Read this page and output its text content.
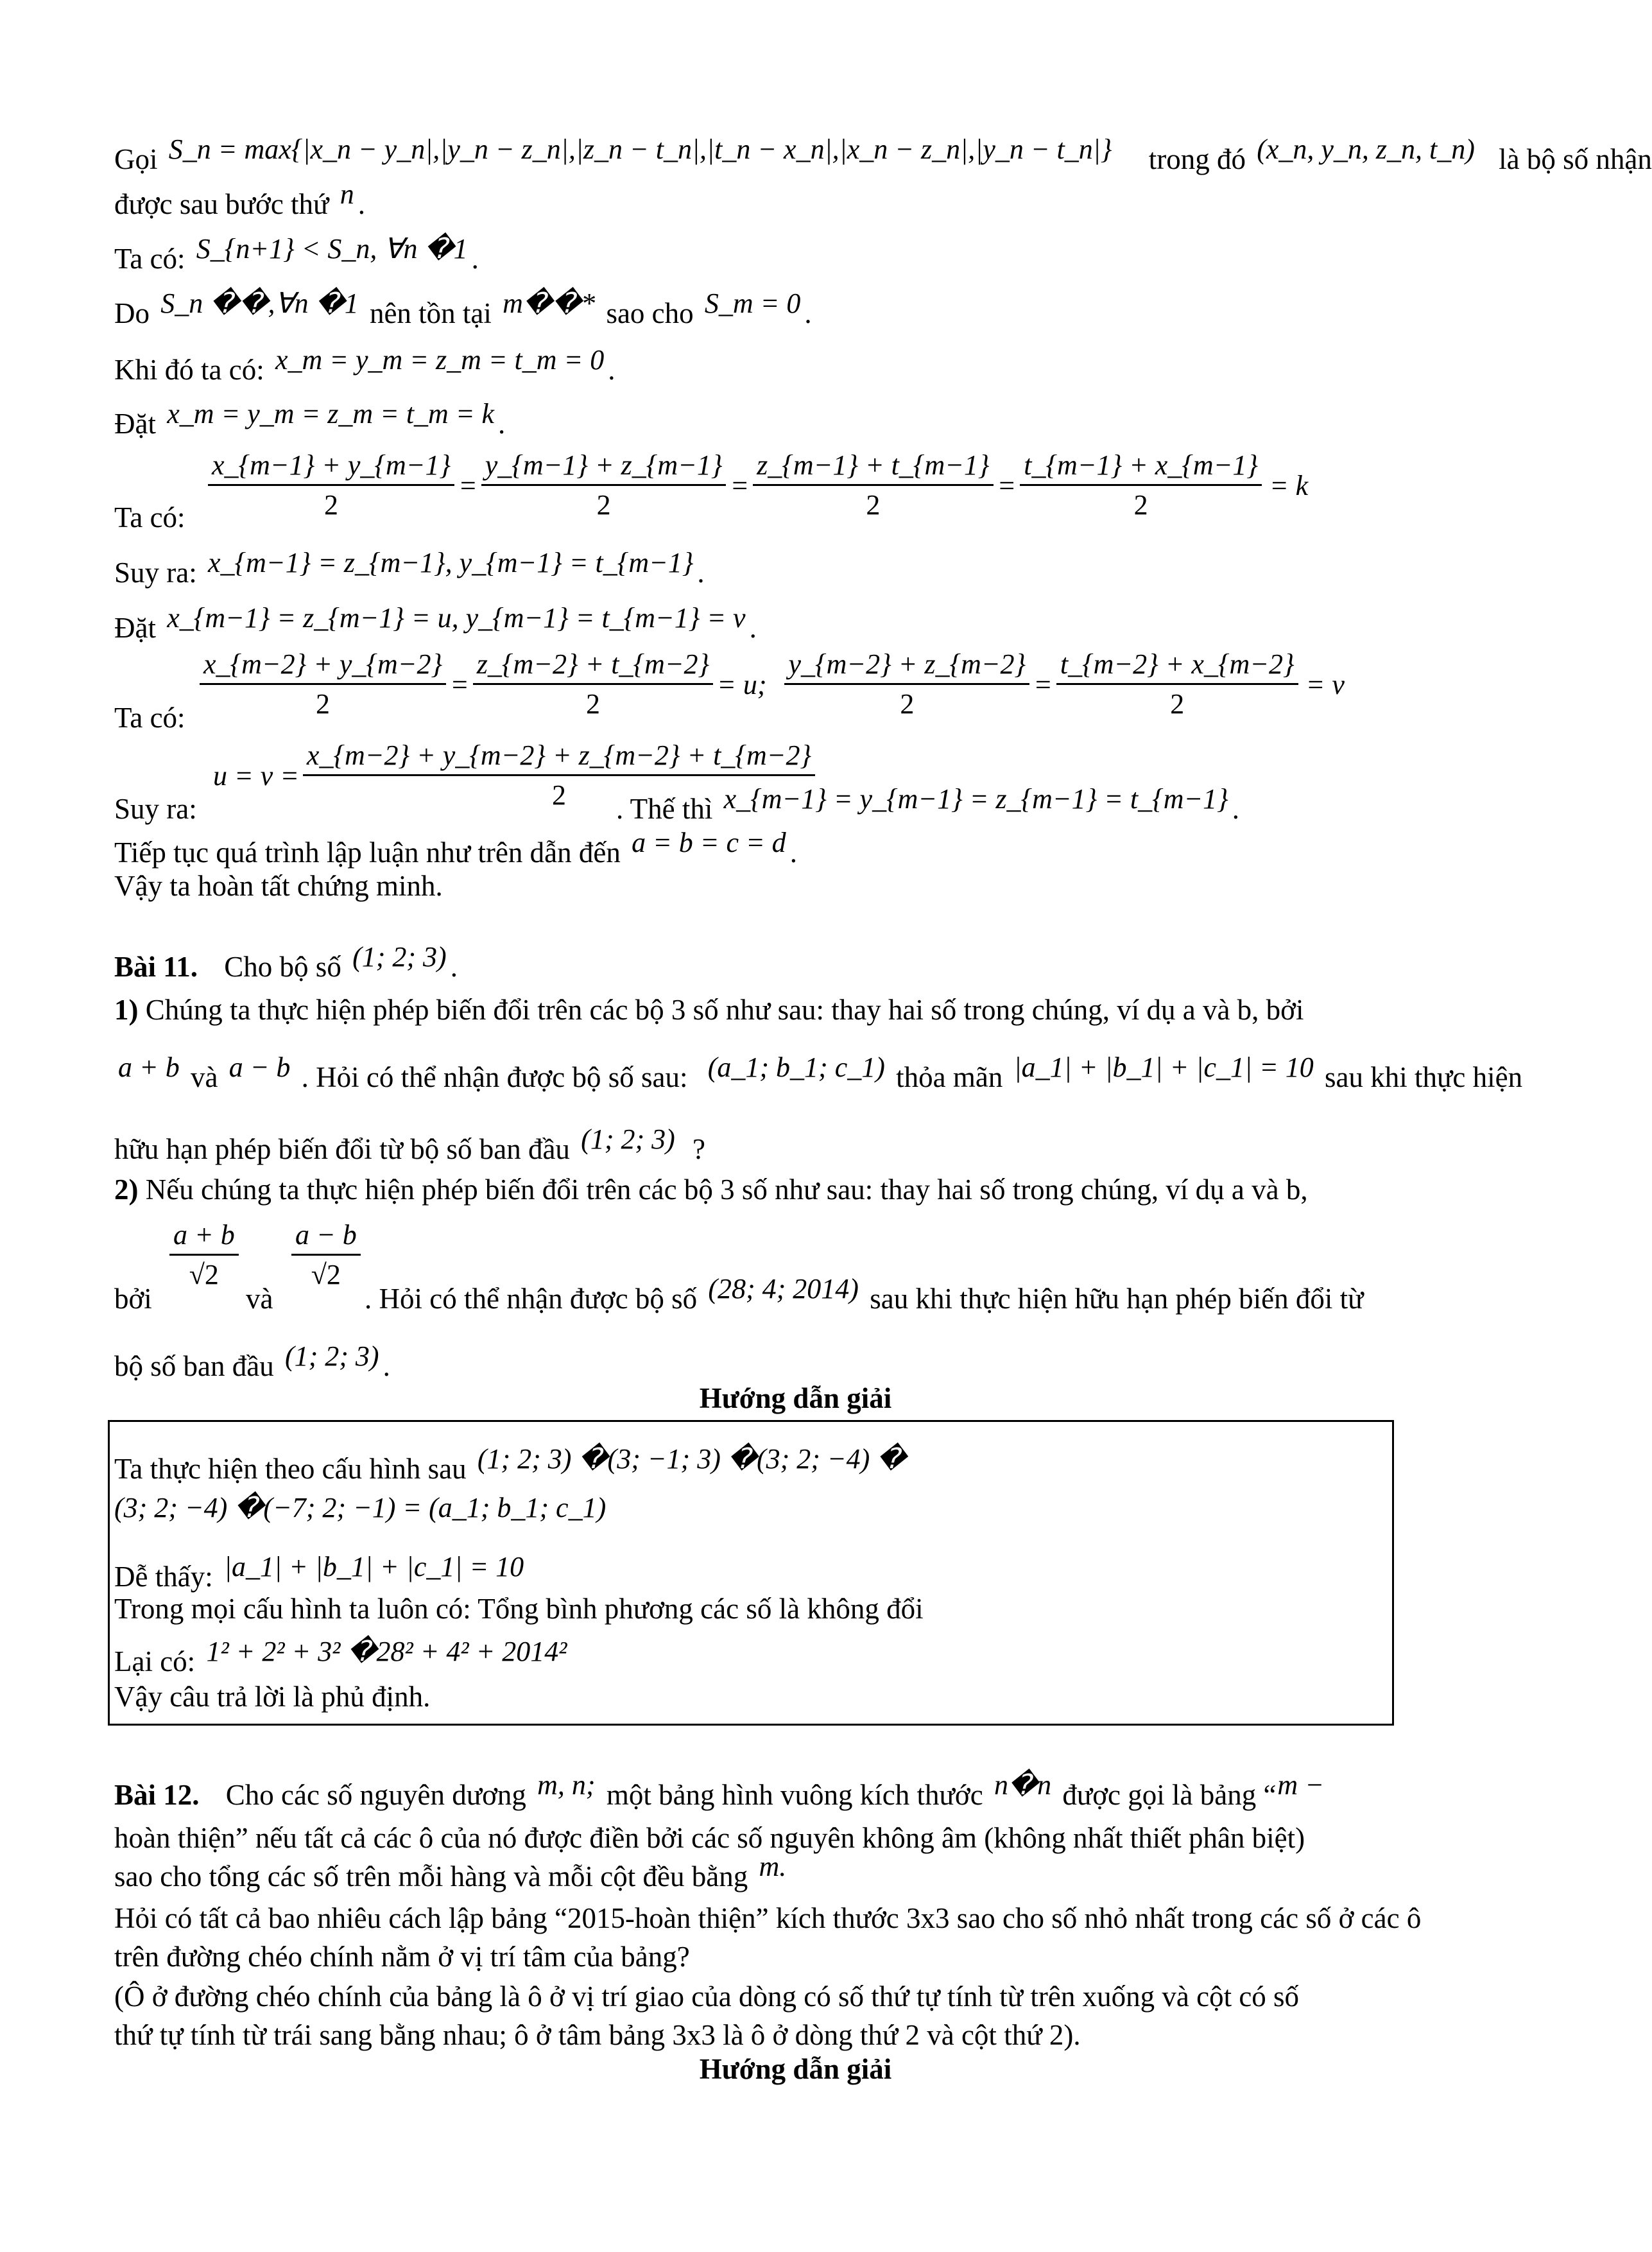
Gọi S_n = max{|x_n − y_n|,|y_n − z_n|,|z_n − t_n|,|t_n − x_n|,|x_n − z_n|,|y_n − t_n|} trong đó (x_n, y_n, z_n, t_n) là bộ số nhận
được sau bước thứ n .
Ta có: S_{n+1} < S_n, ∀n �1 .
Do S_n ��,∀n �1 nên tồn tại m��* sao cho S_m = 0 .
Khi đó ta có: x_m = y_m = z_m = t_m = 0 .
Đặt x_m = y_m = z_m = t_m = k .
Ta có: $\frac{x\_\{m-1\} + y\_\{m-1\}}{2} = \frac{y\_\{m-1\} + z\_\{m-1\}}{2} = \frac{z\_\{m-1\} + t\_\{m-1\}}{2} = \frac{t\_\{m-1\} + x\_\{m-1\}}{2} = k$
Suy ra: x_{m−1} = z_{m−1}, y_{m−1} = t_{m−1} .
Đặt x_{m−1} = z_{m−1} = u, y_{m−1} = t_{m−1} = v .
Ta có: $\frac{x\_\{m-2\} + y\_\{m-2\}}{2} = \frac{z\_\{m-2\} + t\_\{m-2\}}{2} = u$; $\frac{y\_\{m-2\} + z\_\{m-2\}}{2} = \frac{t\_\{m-2\} + x\_\{m-2\}}{2} = v$
Suy ra:
$u = v = \frac{x\_\{m-2\} + y\_\{m-2\} + z\_\{m-2\} + t\_\{m-2\}}{2}$
. Thế thì x_{m−1} = y_{m−1} = z_{m−1} = t_{m−1} .
Tiếp tục quá trình lập luận như trên dẫn đến a = b = c = d .
Vậy ta hoàn tất chứng minh.
Bài 11. Cho bộ số (1; 2; 3) .
1) Chúng ta thực hiện phép biến đổi trên các bộ 3 số như sau: thay hai số trong chúng, ví dụ a và b, bởi
a + b và a − b . Hỏi có thể nhận được bộ số sau: (a_1; b_1; c_1) thỏa mãn |a_1| + |b_1| + |c_1| = 10 sau khi thực hiện
hữu hạn phép biến đổi từ bộ số ban đầu (1; 2; 3) ?
2) Nếu chúng ta thực hiện phép biến đổi trên các bộ 3 số như sau: thay hai số trong chúng, ví dụ a và b,
bởi
$\frac{a + b}{√2}$
và
$\frac{a - b}{√2}$
. Hỏi có thể nhận được bộ số (28; 4; 2014) sau khi thực hiện hữu hạn phép biến đổi từ
bộ số ban đầu (1; 2; 3) .
Hướng dẫn giải
Ta thực hiện theo cấu hình sau (1; 2; 3) �(3; −1; 3) �(3; 2; −4) �
(3; 2; −4) �(−7; 2; −1) = (a_1; b_1; c_1)
Dễ thấy: |a_1| + |b_1| + |c_1| = 10
Trong mọi cấu hình ta luôn có: Tổng bình phương các số là không đổi
Lại có: 1² + 2² + 3² �28² + 4² + 2014²
Vậy câu trả lời là phủ định.
Bài 12. Cho các số nguyên dương m, n; một bảng hình vuông kích thước n�n được gọi là bảng “m −
hoàn thiện” nếu tất cả các ô của nó được điền bởi các số nguyên không âm (không nhất thiết phân biệt)
sao cho tổng các số trên mỗi hàng và mỗi cột đều bằng m.
Hỏi có tất cả bao nhiêu cách lập bảng “2015-hoàn thiện” kích thước 3x3 sao cho số nhỏ nhất trong các số ở các ô
trên đường chéo chính nằm ở vị trí tâm của bảng?
(Ô ở đường chéo chính của bảng là ô ở vị trí giao của dòng có số thứ tự tính từ trên xuống và cột có số
thứ tự tính từ trái sang bằng nhau; ô ở tâm bảng 3x3 là ô ở dòng thứ 2 và cột thứ 2).
Hướng dẫn giải
